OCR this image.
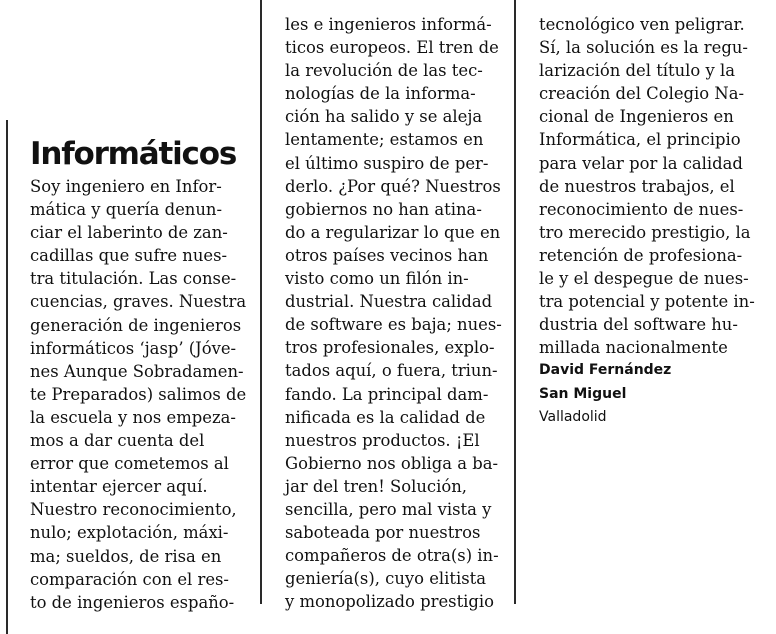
Informáticos
Soy ingeniero en Infor-
mática y quería denun-
ciar el laberinto de zan-
cadillas que sufre nues-
tra titulación. Las conse-
cuencias, graves. Nuestra
generación de ingenieros
informáticos ‘jasp’ (Jóve-
nes Aunque Sobradamen-
te Preparados) salimos de
la escuela y nos empeza-
mos a dar cuenta del
error que cometemos al
intentar ejercer aquí.
Nuestro reconocimiento,
nulo; explotación, máxi-
ma; sueldos, de risa en
comparación con el res-
to de ingenieros españo-
les e ingenieros informá-
ticos europeos. El tren de
la revolución de las tec-
nologías de la informa-
ción ha salido y se aleja
lentamente; estamos en
el último suspiro de per-
derlo. ¿Por qué? Nuestros
gobiernos no han atina-
do a regularizar lo que en
otros países vecinos han
visto como un filón in-
dustrial. Nuestra calidad
de software es baja; nues-
tros profesionales, explo-
tados aquí, o fuera, triun-
fando. La principal dam-
nificada es la calidad de
nuestros productos. ¡El
Gobierno nos obliga a ba-
jar del tren! Solución,
sencilla, pero mal vista y
saboteada por nuestros
compañeros de otra(s) in-
geniería(s), cuyo elitista
y monopolizado prestigio
tecnológico ven peligrar.
Sí, la solución es la regu-
larización del título y la
creación del Colegio Na-
cional de Ingenieros en
Informática, el principio
para velar por la calidad
de nuestros trabajos, el
reconocimiento de nues-
tro merecido prestigio, la
retención de profesiona-
le y el despegue de nues-
tra potencial y potente in-
dustria del software hu-
millada nacionalmente
David Fernández
San Miguel
Valladolid
